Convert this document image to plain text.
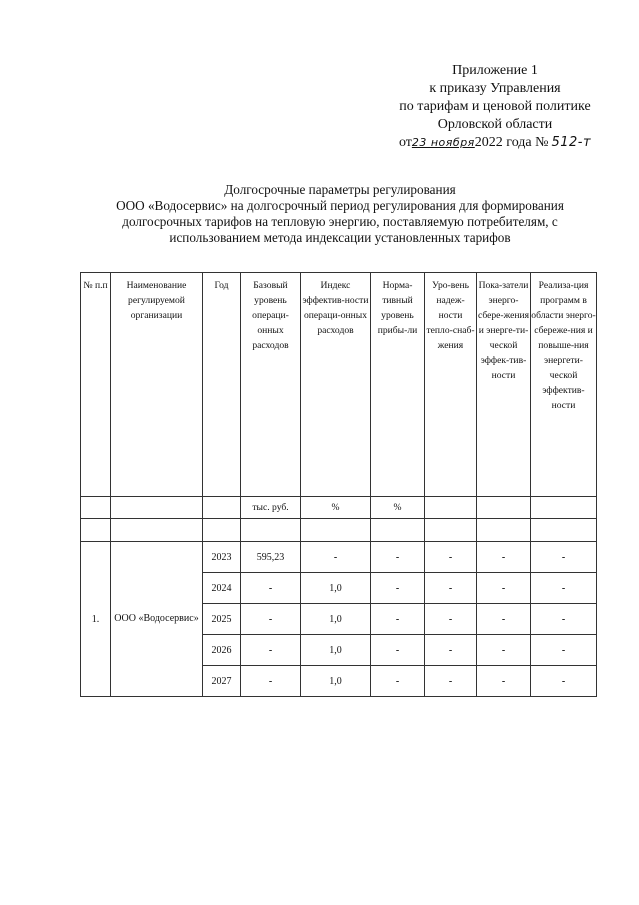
Приложение 1
к приказу Управления
по тарифам и ценовой политике
Орловской области
от23 ноября2022 года № 512-т
Долгосрочные параметры регулирования
ООО «Водосервис» на долгосрочный период регулирования для формирования
долгосрочных тарифов на тепловую энергию, поставляемую потребителям, с
использованием метода индексации установленных тарифов
№ п.п	Наименование регулируемой организации	Год	Базовый уровень операци-онных расходов	Индекс эффектив-ности операци-онных расходов	Норма-тивный уровень прибы-ли	Уро-вень надеж-ности тепло-снаб-жения	Пока-затели энерго-сбере-жения и энерге-ти-ческой эффек-тив-ности	Реализа-ция программ в области энерго-сбереже-ния и повыше-ния энергети-ческой эффектив-ности
			тыс. руб.	%	%			

1.	ООО «Водосервис»	2023	595,23	-	-	-	-	-
		2024	-	1,0	-	-	-	-
		2025	-	1,0	-	-	-	-
		2026	-	1,0	-	-	-	-
		2027	-	1,0	-	-	-	-
